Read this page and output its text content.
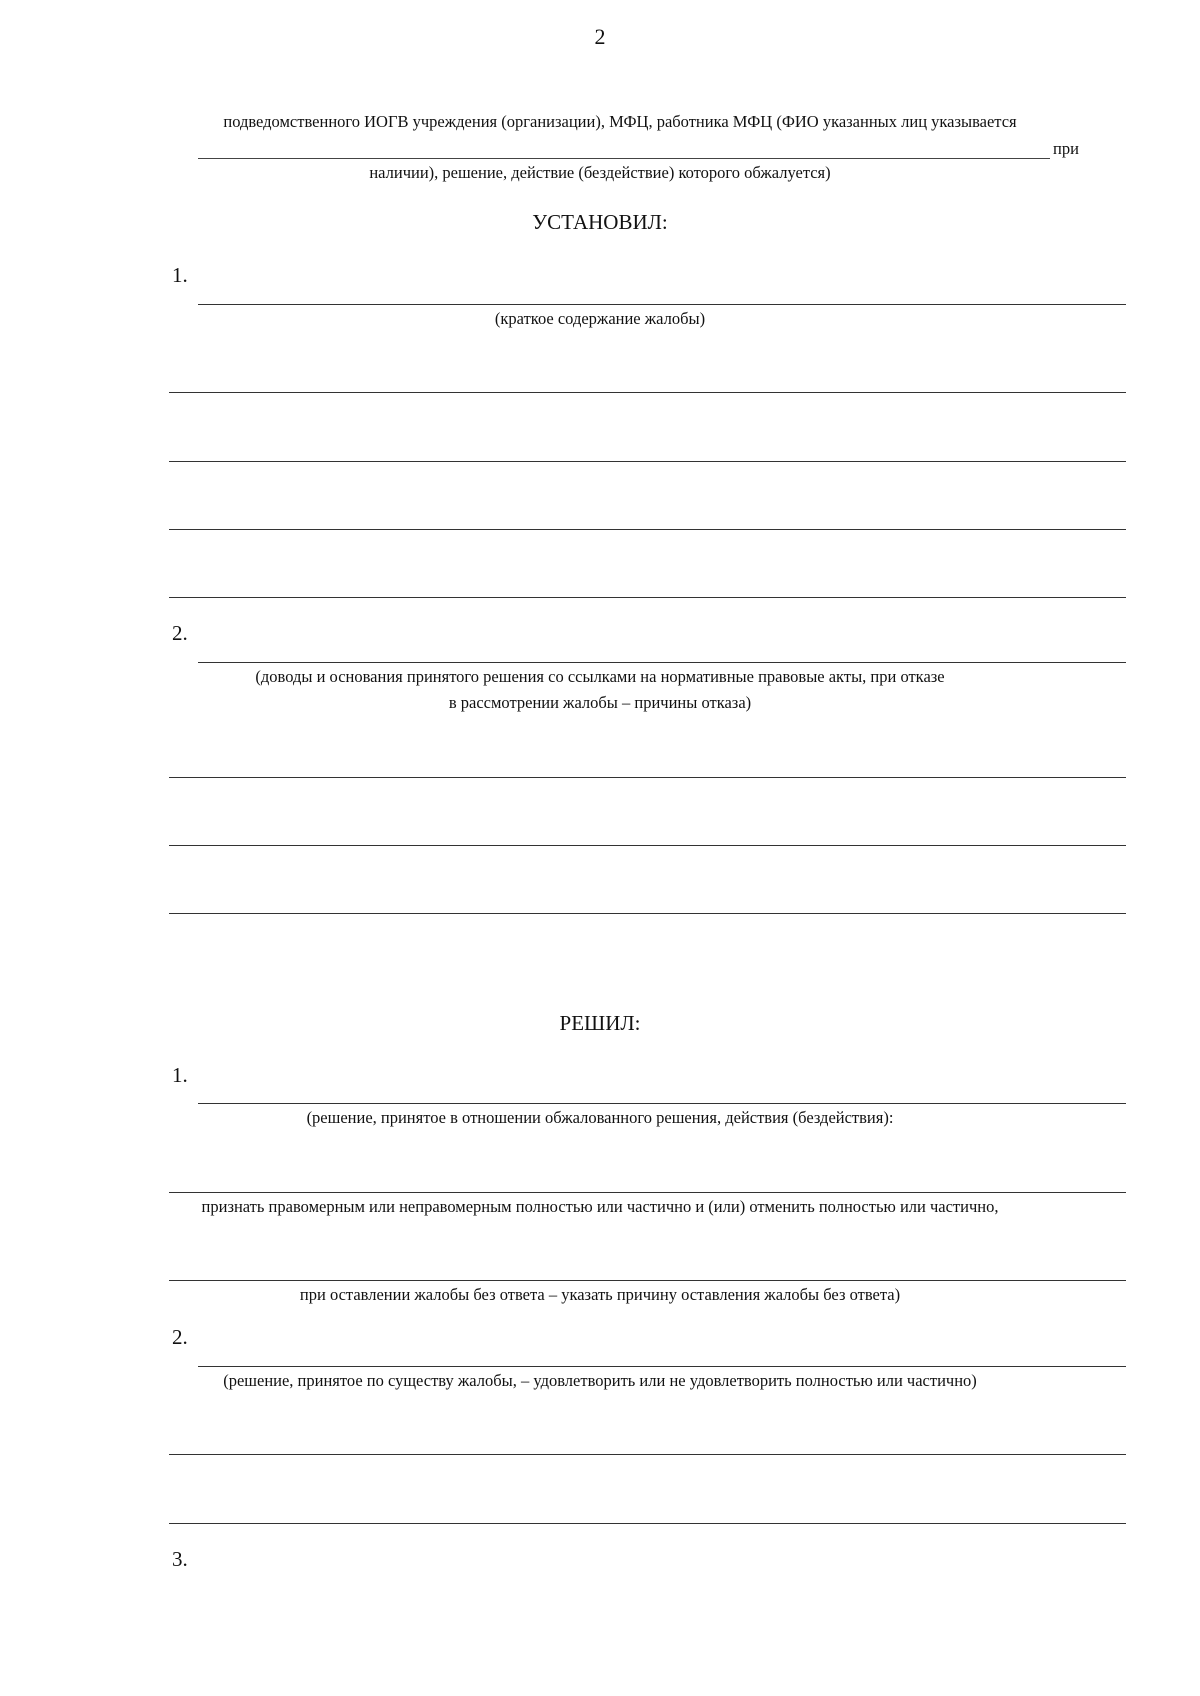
2
подведомственного ИОГВ учреждения (организации), МФЦ, работника МФЦ (ФИО указанных лиц указывается
при
наличии), решение, действие (бездействие) которого обжалуется)
УСТАНОВИЛ:
1.
(краткое содержание жалобы)
2.
(доводы и основания принятого решения со ссылками на нормативные правовые акты, при отказе
в рассмотрении жалобы – причины отказа)
РЕШИЛ:
1.
(решение, принятое в отношении обжалованного решения, действия (бездействия):
признать правомерным или неправомерным полностью или частично и (или) отменить полностью или частично,
при оставлении жалобы без ответа – указать причину оставления жалобы без ответа)
2.
(решение, принятое по существу жалобы, – удовлетворить или не удовлетворить полностью или частично)
3.
